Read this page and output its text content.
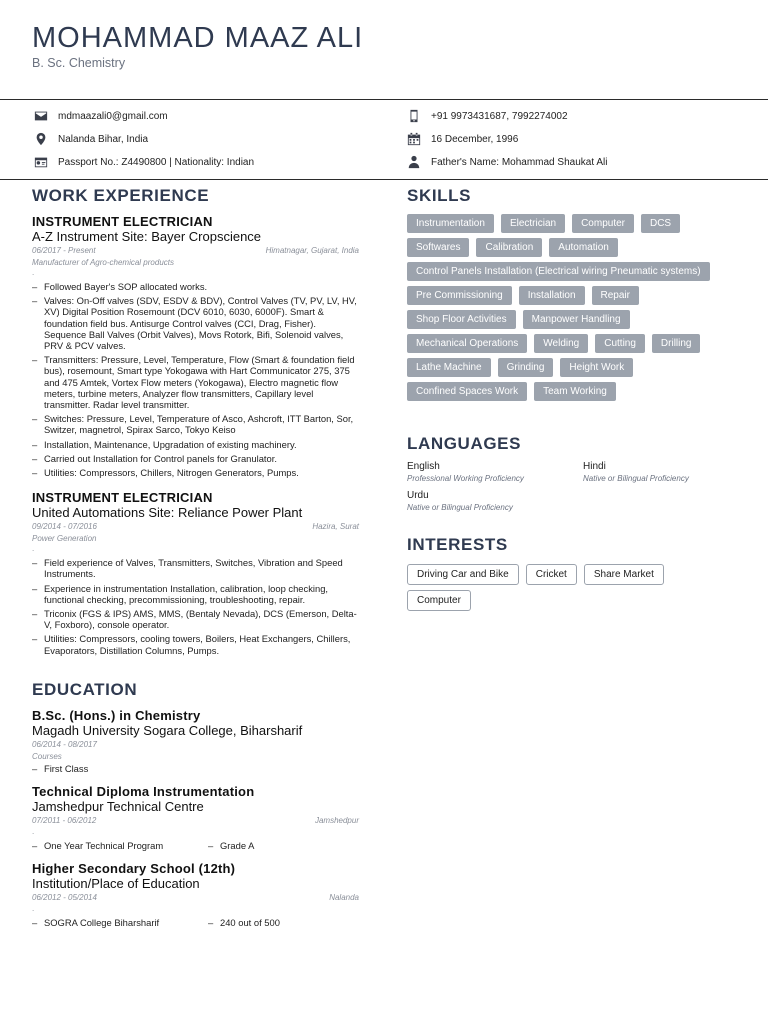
MOHAMMAD MAAZ ALI
B. Sc. Chemistry
mdmaazali0@gmail.com	+91 9973431687, 7992274002
Nalanda Bihar, India	16 December, 1996
Passport No.: Z4490800 | Nationality: Indian	Father's Name: Mohammad Shaukat Ali
WORK EXPERIENCE
INSTRUMENT ELECTRICIAN
A-Z Instrument Site: Bayer Cropscience
06/2017 - Present	Himatnagar, Gujarat, India
Manufacturer of Agro-chemical products
.
– Followed Bayer's SOP allocated works.
– Valves: On-Off valves (SDV, ESDV & BDV), Control Valves (TV, PV, LV, HV, XV) Digital Position Rosemount (DCV 6010, 6030, 6000F). Smart & foundation field bus. Antisurge Control valves (CCI, Drag, Fisher). Sequence Ball Valves (Orbit Valves), Movs Rotork, Bifi, Solenoid valves, PRV & PCV valves.
– Transmitters: Pressure, Level, Temperature, Flow (Smart & foundation field bus), rosemount, Smart type Yokogawa with Hart Communicator 275, 375 and 475 Amtek, Vortex Flow meters (Yokogawa), Electro magnetic flow meters, turbine meters, Analyzer flow transmitters, Capillary level transmitter. Radar level transmitter.
– Switches: Pressure, Level, Temperature of Asco, Ashcroft, ITT Barton, Sor, Switzer, magnetrol, Spirax Sarco, Tokyo Keiso
– Installation, Maintenance, Upgradation of existing machinery.
– Carried out Installation for Control panels for Granulator.
– Utilities: Compressors, Chillers, Nitrogen Generators, Pumps.
INSTRUMENT ELECTRICIAN
United Automations Site: Reliance Power Plant
09/2014 - 07/2016	Hazira, Surat
Power Generation
.
– Field experience of Valves, Transmitters, Switches, Vibration and Speed Instruments.
– Experience in instrumentation Installation, calibration, loop checking, functional checking, precommissioning, troubleshooting, repair.
– Triconix (FGS & IPS) AMS, MMS, (Bentaly Nevada), DCS (Emerson, Delta-V, Foxboro), console operator.
– Utilities: Compressors, cooling towers, Boilers, Heat Exchangers, Chillers, Evaporators, Distillation Columns, Pumps.
EDUCATION
B.Sc. (Hons.) in Chemistry
Magadh University Sogara College, Biharsharif
06/2014 - 08/2017
Courses
– First Class
Technical Diploma Instrumentation
Jamshedpur Technical Centre
07/2011 - 06/2012	Jamshedpur
.
– One Year Technical Program	– Grade A
Higher Secondary School (12th)
Institution/Place of Education
06/2012 - 05/2014	Nalanda
.
– SOGRA College Biharsharif	– 240 out of 500
SKILLS
Instrumentation	Electrician	Computer	DCS
Softwares	Calibration	Automation
Control Panels Installation (Electrical wiring Pneumatic systems)
Pre Commissioning	Installation	Repair
Shop Floor Activities	Manpower Handling
Mechanical Operations	Welding	Cutting	Drilling
Lathe Machine	Grinding	Height Work
Confined Spaces Work	Team Working
LANGUAGES
English
Professional Working Proficiency
Hindi
Native or Bilingual Proficiency
Urdu
Native or Bilingual Proficiency
INTERESTS
Driving Car and Bike	Cricket	Share Market
Computer
